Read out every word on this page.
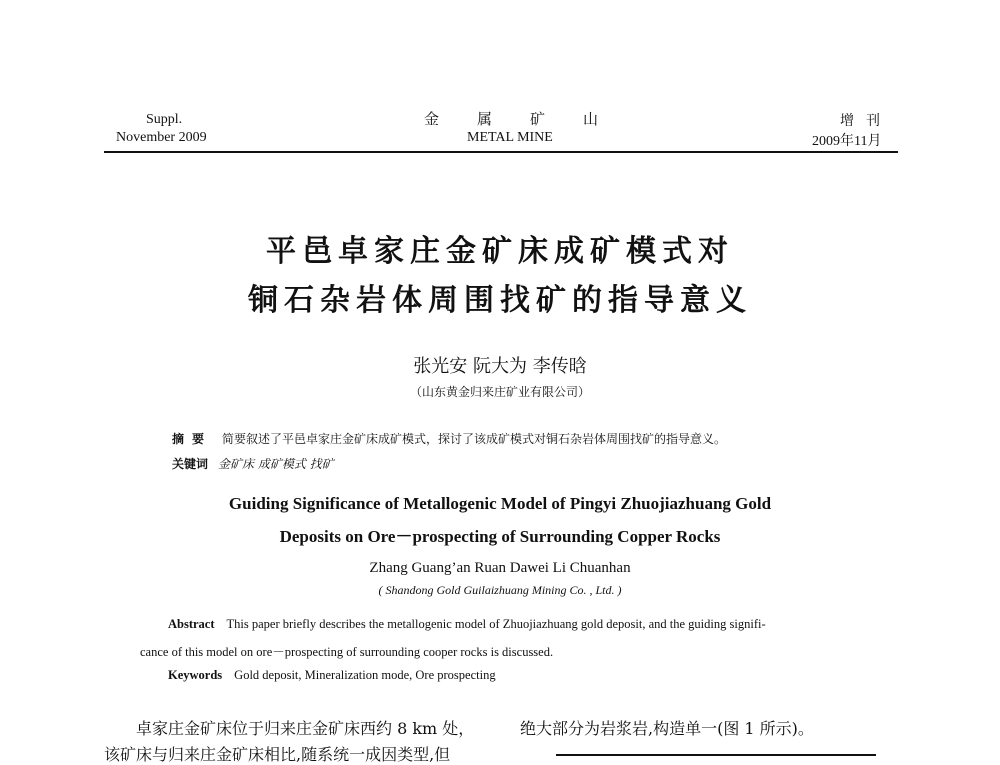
Suppl.
November 2009
金属矿山
METAL MINE
增刊
2009年11月
平邑卓家庄金矿床成矿模式对
铜石杂岩体周围找矿的指导意义
张光安 阮大为 李传晗
（山东黄金归来庄矿业有限公司）
摘要 简要叙述了平邑卓家庄金矿床成矿模式，探讨了该成矿模式对铜石杂岩体周围找矿的指导意义。
关键词 金矿床 成矿模式 找矿
Guiding Significance of Metallogenic Model of Pingyi Zhuojiazhuang Gold
Deposits on Ore－prospecting of Surrounding Copper Rocks
Zhang Guang’an Ruan Dawei Li Chuanhan
( Shandong Gold Guilaizhuang Mining Co. , Ltd. )
Abstract This paper briefly describes the metallogenic model of Zhuojiazhuang gold deposit, and the guiding signifi-
cance of this model on ore－prospecting of surrounding cooper rocks is discussed.
Keywords Gold deposit, Mineralization mode, Ore prospecting
卓家庄金矿床位于归来庄金矿床西约 8 km 处，
该矿床与归来庄金矿床相比,随系统一成因类型,但
绝大部分为岩浆岩,构造单一(图 1 所示)。
